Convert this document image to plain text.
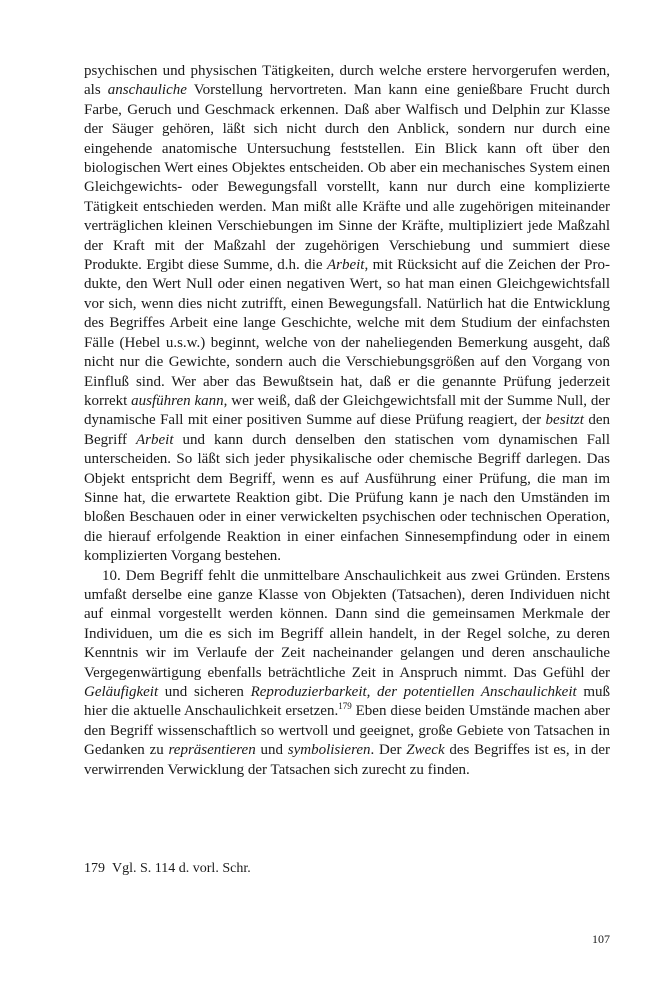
psychischen und physischen Tätigkeiten, durch welche erstere hervorgerufen werden, als anschauliche Vorstellung hervortreten. Man kann eine genießbare Frucht durch Farbe, Geruch und Geschmack erkennen. Daß aber Walfisch und Delphin zur Klasse der Säuger gehören, läßt sich nicht durch den Anblick, sondern nur durch eine eingehende anatomische Untersuchung feststellen. Ein Blick kann oft über den biologischen Wert eines Objektes entscheiden. Ob aber ein mechanisches System einen Gleichgewichts- oder Bewegungsfall vorstellt, kann nur durch eine komplizierte Tätigkeit entschieden werden. Man mißt alle Kräfte und alle zugehörigen miteinander verträglichen kleinen Verschiebungen im Sinne der Kräfte, multipliziert jede Maßzahl der Kraft mit der Maßzahl der zugehörigen Verschiebung und summiert diese Produkte. Ergibt diese Summe, d.h. die Arbeit, mit Rücksicht auf die Zeichen der Produkte, den Wert Null oder einen negativen Wert, so hat man einen Gleichgewichtsfall vor sich, wenn dies nicht zutrifft, einen Bewegungsfall. Natürlich hat die Entwicklung des Begriffes Arbeit eine lange Geschichte, welche mit dem Studium der einfachsten Fälle (Hebel u.s.w.) beginnt, welche von der naheliegenden Bemerkung ausgeht, daß nicht nur die Gewichte, sondern auch die Verschiebungsgrößen auf den Vorgang von Einfluß sind. Wer aber das Bewußtsein hat, daß er die genannte Prüfung jederzeit korrekt ausführen kann, wer weiß, daß der Gleichgewichtsfall mit der Summe Null, der dynamische Fall mit einer positiven Summe auf diese Prüfung reagiert, der besitzt den Begriff Arbeit und kann durch denselben den statischen vom dynamischen Fall unterscheiden. So läßt sich jeder physikalische oder chemische Begriff darlegen. Das Objekt entspricht dem Begriff, wenn es auf Ausführung einer Prüfung, die man im Sinne hat, die erwartete Reaktion gibt. Die Prüfung kann je nach den Umständen im bloßen Beschauen oder in einer verwickelten psychischen oder technischen Operation, die hierauf erfolgende Reaktion in einer einfachen Sinnesempfindung oder in einem komplizierten Vorgang bestehen.

10. Dem Begriff fehlt die unmittelbare Anschaulichkeit aus zwei Gründen. Erstens umfaßt derselbe eine ganze Klasse von Objekten (Tatsachen), deren Individuen nicht auf einmal vorgestellt werden können. Dann sind die gemeinsamen Merkmale der Individuen, um die es sich im Begriff allein handelt, in der Regel solche, zu deren Kenntnis wir im Verlaufe der Zeit nacheinander gelangen und deren anschauliche Vergegenwärtigung ebenfalls beträchtliche Zeit in Anspruch nimmt. Das Gefühl der Geläufigkeit und sicheren Reproduzierbarkeit, der potentiellen Anschaulichkeit muß hier die aktuelle Anschaulichkeit ersetzen.$^{179}$ Eben diese beiden Umstände machen aber den Begriff wissenschaftlich so wertvoll und geeignet, große Gebiete von Tatsachen in Gedanken zu repräsentieren und symbolisieren. Der Zweck des Begriffes ist es, in der verwirrenden Verwicklung der Tatsachen sich zurecht zu finden.

179 Vgl. S. 114 d. vorl. Schr.
107
